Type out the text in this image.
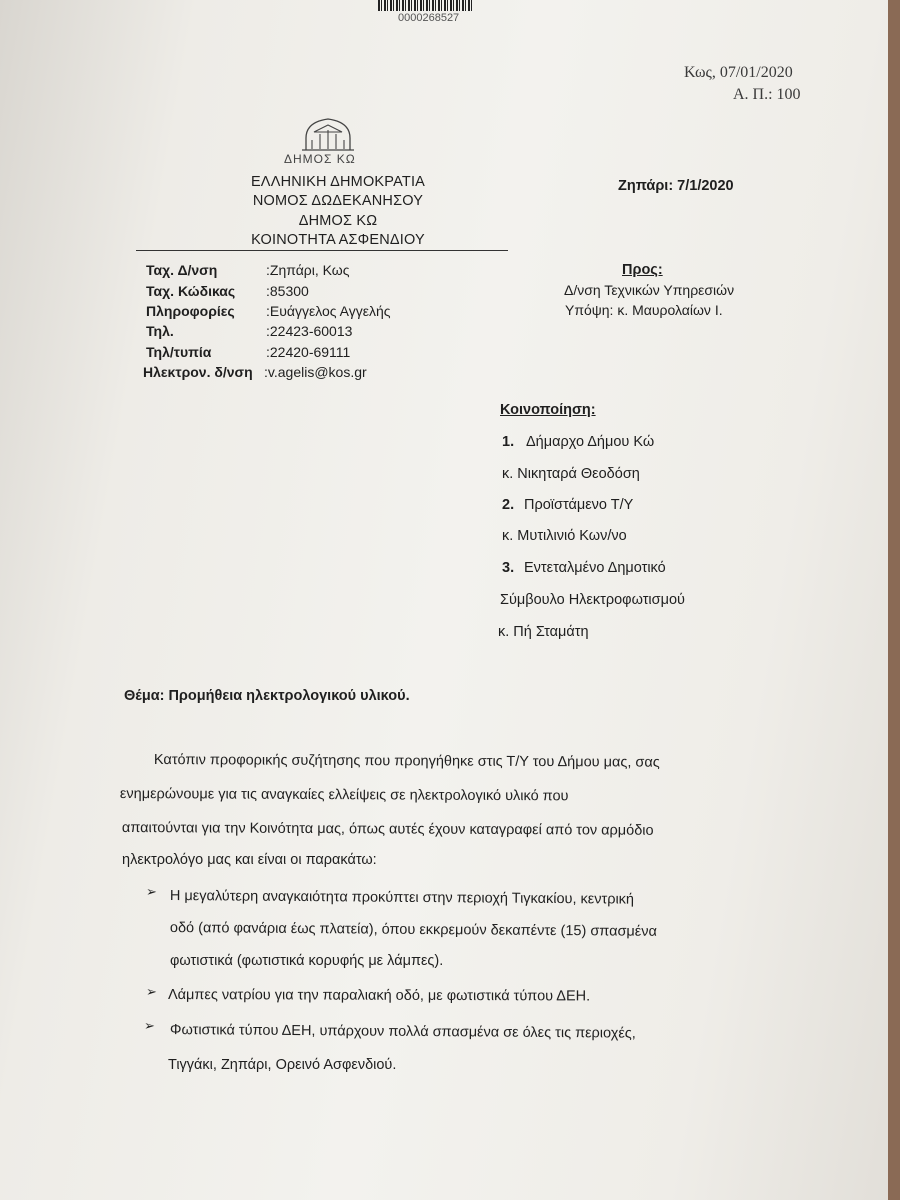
0000268527
Κως, 07/01/2020
Α. Π.: 100
ΔΗΜΟΣ ΚΩ
ΕΛΛΗΝΙΚΗ ΔΗΜΟΚΡΑΤΙΑ
ΝΟΜΟΣ ΔΩΔΕΚΑΝΗΣΟΥ
ΔΗΜΟΣ ΚΩ
ΚΟΙΝΟΤΗΤΑ ΑΣΦΕΝΔΙΟΥ
Ζηπάρι: 7/1/2020
Ταχ. Δ/νση	:Ζηπάρι, Κως
Ταχ. Κώδικας :85300
Πληροφορίες :Ευάγγελος Αγγελής
Τηλ.	:22423-60013
Τηλ/τυπία	:22420-69111
Ηλεκτρον. δ/νση :v.agelis@kos.gr
Προς:
Δ/νση Τεχνικών Υπηρεσιών
Υπόψη: κ. Μαυρολαίων Ι.
Κοινοποίηση:
1. Δήμαρχο Δήμου Κώ
κ. Νικηταρά Θεοδόση
2. Προϊστάμενο Τ/Υ
κ. Μυτιλινιό Κων/νο
3. Εντεταλμένο Δημοτικό
Σύμβουλο Ηλεκτροφωτισμού
κ. Πή Σταμάτη
Θέμα: Προμήθεια ηλεκτρολογικού υλικού.
Κατόπιν προφορικής συζήτησης που προηγήθηκε στις Τ/Υ του Δήμου μας, σας
ενημερώνουμε για τις αναγκαίες ελλείψεις σε ηλεκτρολογικό υλικό που
απαιτούνται για την Κοινότητα μας, όπως αυτές έχουν καταγραφεί από τον αρμόδιο
ηλεκτρολόγο μας και είναι οι παρακάτω:
➢ Η μεγαλύτερη αναγκαιότητα προκύπτει στην περιοχή Τιγκακίου, κεντρική
οδό (από φανάρια έως πλατεία), όπου εκκρεμούν δεκαπέντε (15) σπασμένα
φωτιστικά (φωτιστικά κορυφής με λάμπες).
➢ Λάμπες νατρίου για την παραλιακή οδό, με φωτιστικά τύπου ΔΕΗ.
➢ Φωτιστικά τύπου ΔΕΗ, υπάρχουν πολλά σπασμένα σε όλες τις περιοχές,
Τιγγάκι, Ζηπάρι, Ορεινό Ασφενδιού.
